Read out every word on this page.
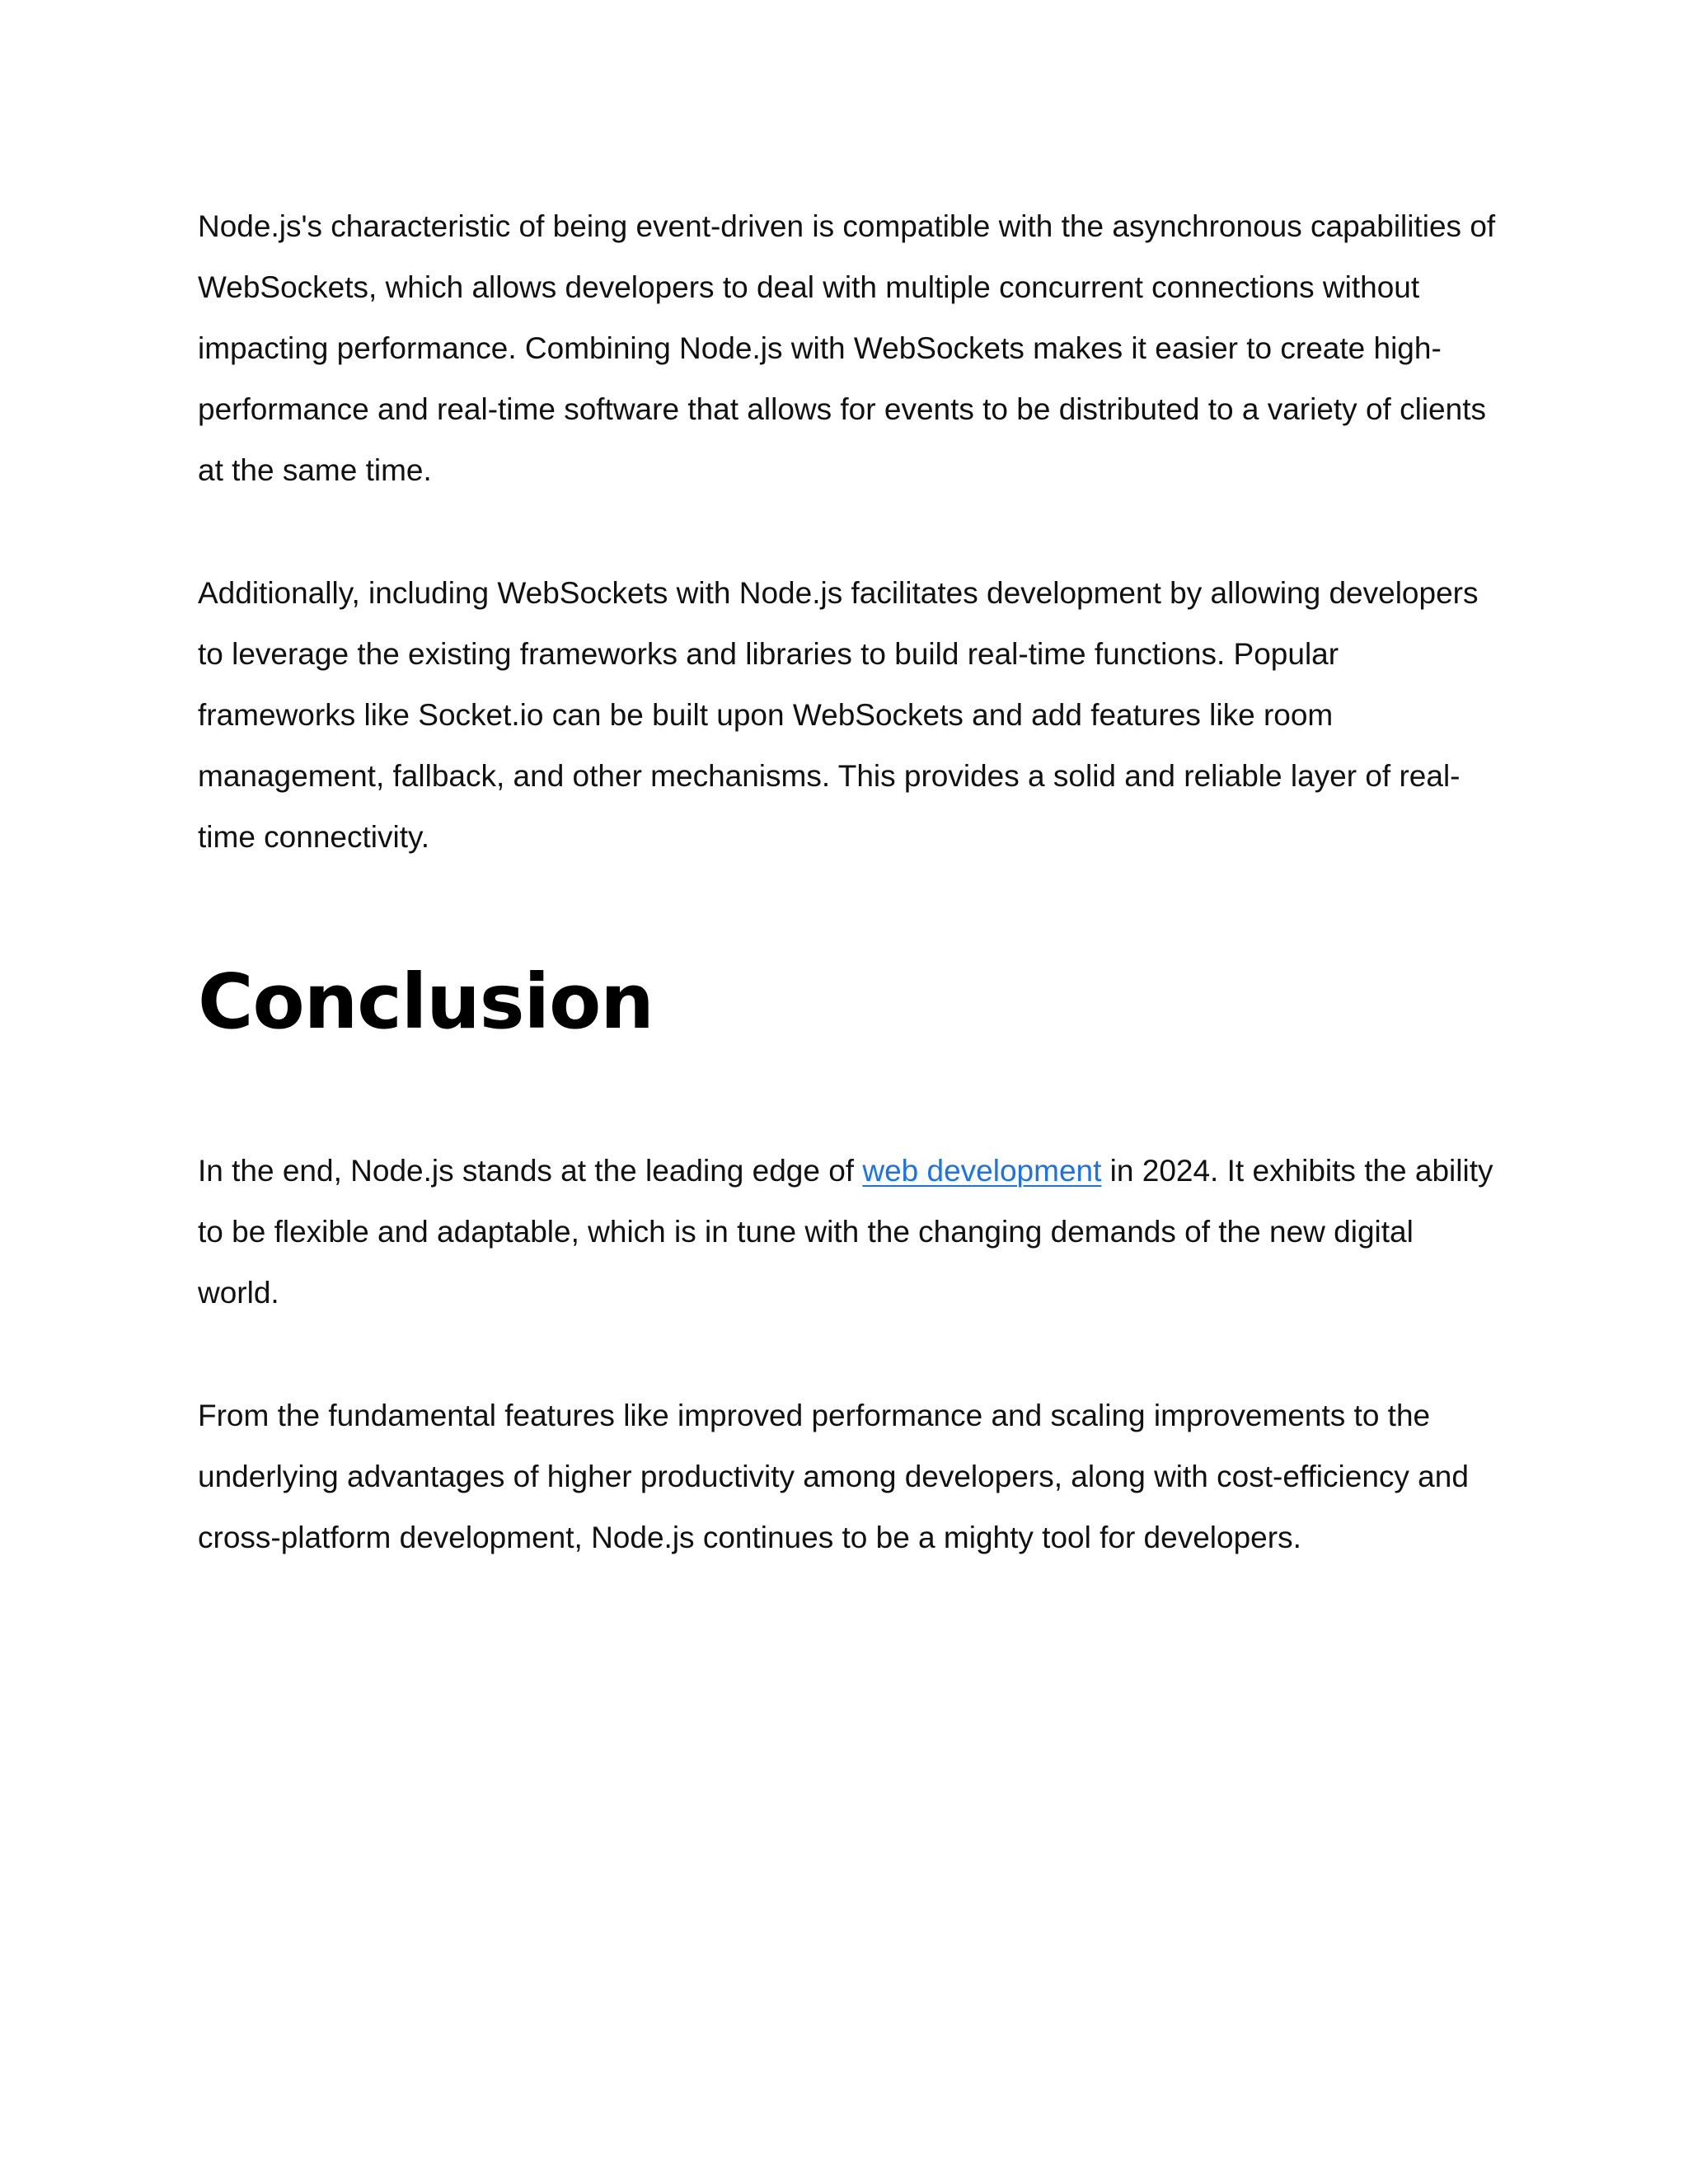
Node.js's characteristic of being event-driven is compatible with the asynchronous capabilities of WebSockets, which allows developers to deal with multiple concurrent connections without impacting performance. Combining Node.js with WebSockets makes it easier to create high-performance and real-time software that allows for events to be distributed to a variety of clients at the same time.

Additionally, including WebSockets with Node.js facilitates development by allowing developers to leverage the existing frameworks and libraries to build real-time functions. Popular frameworks like Socket.io can be built upon WebSockets and add features like room management, fallback, and other mechanisms. This provides a solid and reliable layer of real-time connectivity.

Conclusion

In the end, Node.js stands at the leading edge of web development in 2024. It exhibits the ability to be flexible and adaptable, which is in tune with the changing demands of the new digital world.

From the fundamental features like improved performance and scaling improvements to the underlying advantages of higher productivity among developers, along with cost-efficiency and cross-platform development, Node.js continues to be a mighty tool for developers.
